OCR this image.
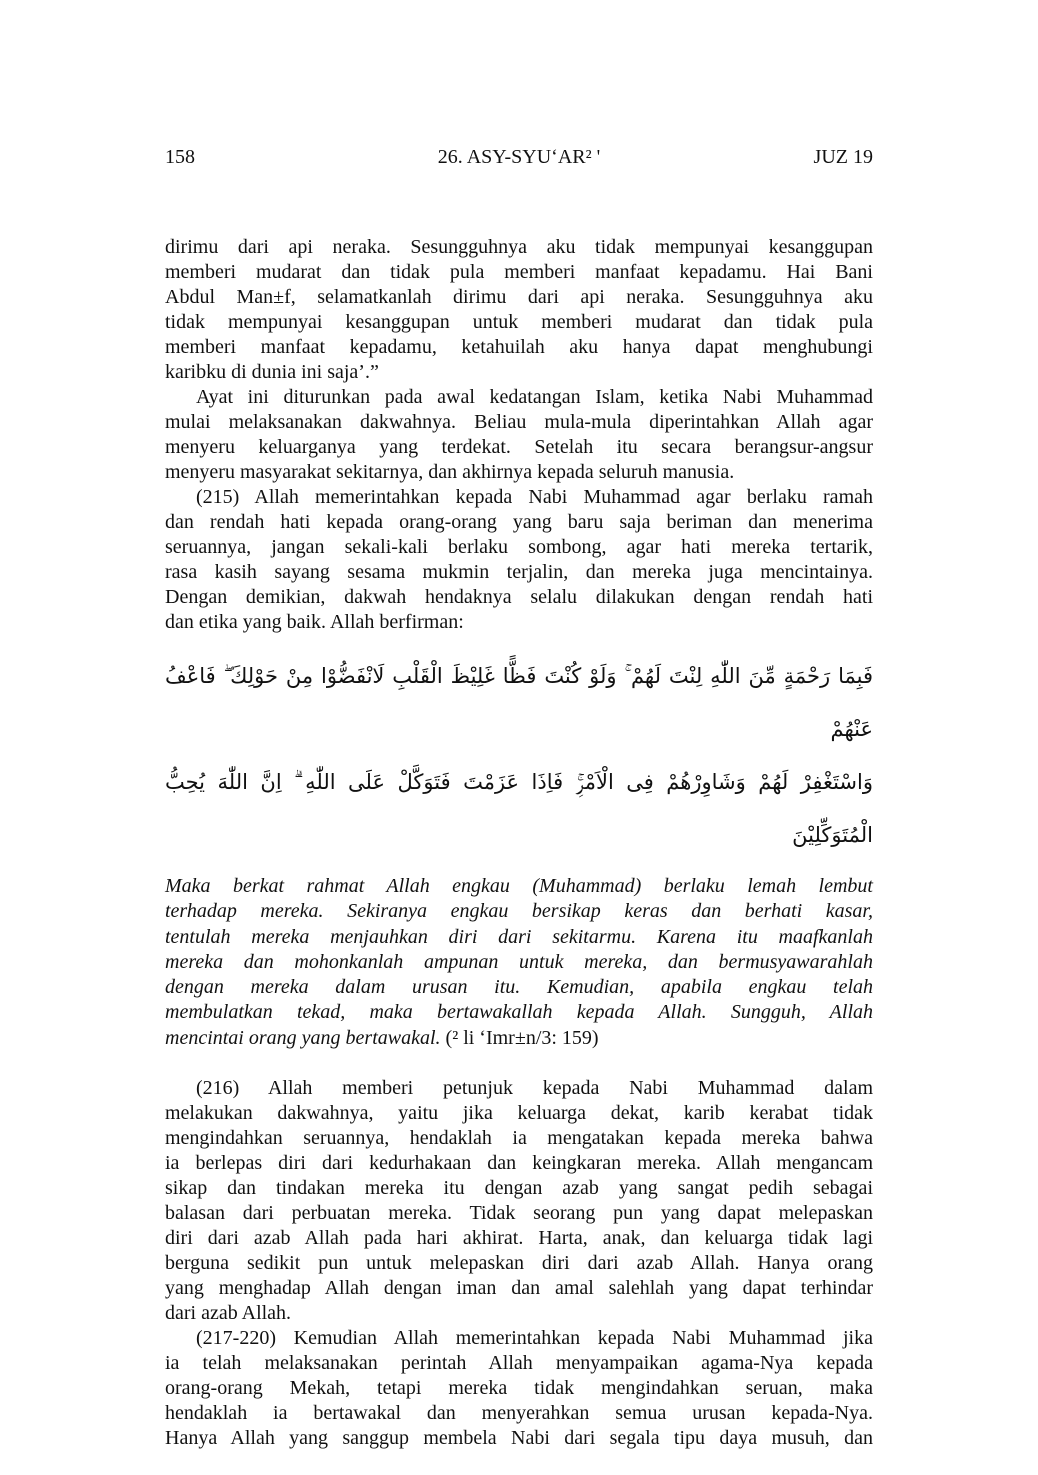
158	26. ASY-SYU‘AR² '	JUZ 19
dirimu dari api neraka. Sesungguhnya aku tidak mempunyai kesanggupan
memberi mudarat dan tidak pula memberi manfaat kepadamu. Hai Bani
Abdul Man±f, selamatkanlah dirimu dari api neraka. Sesungguhnya aku
tidak mempunyai kesanggupan untuk memberi mudarat dan tidak pula
memberi manfaat kepadamu, ketahuilah aku hanya dapat menghubungi
karibku di dunia ini saja’.”
Ayat ini diturunkan pada awal kedatangan Islam, ketika Nabi Muhammad
mulai melaksanakan dakwahnya. Beliau mula-mula diperintahkan Allah agar
menyeru keluarganya yang terdekat. Setelah itu secara berangsur-angsur
menyeru masyarakat sekitarnya, dan akhirnya kepada seluruh manusia.
(215) Allah memerintahkan kepada Nabi Muhammad agar berlaku ramah
dan rendah hati kepada orang-orang yang baru saja beriman dan menerima
seruannya, jangan sekali-kali berlaku sombong, agar hati mereka tertarik,
rasa kasih sayang sesama mukmin terjalin, dan mereka juga mencintainya.
Dengan demikian, dakwah hendaknya selalu dilakukan dengan rendah hati
dan etika yang baik. Allah berfirman:
فَبِمَا رَحْمَةٍ مِّنَ اللّٰهِ لِنْتَ لَهُمْ ۚ وَلَوْ كُنْتَ فَظًّا غَلِيْظَ الْقَلْبِ لَانْفَضُّوْا مِنْ حَوْلِكَ ۖ فَاعْفُ عَنْهُمْ
وَاسْتَغْفِرْ لَهُمْ وَشَاوِرْهُمْ فِى الْاَمْرِۚ فَاِذَا عَزَمْتَ فَتَوَكَّلْ عَلَى اللّٰهِ ۗ اِنَّ اللّٰهَ يُحِبُّ الْمُتَوَكِّلِيْنَ
Maka berkat rahmat Allah engkau (Muhammad) berlaku lemah lembut
terhadap mereka. Sekiranya engkau bersikap keras dan berhati kasar,
tentulah mereka menjauhkan diri dari sekitarmu. Karena itu maafkanlah
mereka dan mohonkanlah ampunan untuk mereka, dan bermusyawarahlah
dengan mereka dalam urusan itu. Kemudian, apabila engkau telah
membulatkan tekad, maka bertawakallah kepada Allah. Sungguh, Allah
mencintai orang yang bertawakal. (² li ‘Imr±n/3: 159)
(216) Allah memberi petunjuk kepada Nabi Muhammad dalam
melakukan dakwahnya, yaitu jika keluarga dekat, karib kerabat tidak
mengindahkan seruannya, hendaklah ia mengatakan kepada mereka bahwa
ia berlepas diri dari kedurhakaan dan keingkaran mereka. Allah mengancam
sikap dan tindakan mereka itu dengan azab yang sangat pedih sebagai
balasan dari perbuatan mereka. Tidak seorang pun yang dapat melepaskan
diri dari azab Allah pada hari akhirat. Harta, anak, dan keluarga tidak lagi
berguna sedikit pun untuk melepaskan diri dari azab Allah. Hanya orang
yang menghadap Allah dengan iman dan amal salehlah yang dapat terhindar
dari azab Allah.
(217-220) Kemudian Allah memerintahkan kepada Nabi Muhammad jika
ia telah melaksanakan perintah Allah menyampaikan agama-Nya kepada
orang-orang Mekah, tetapi mereka tidak mengindahkan seruan, maka
hendaklah ia bertawakal dan menyerahkan semua urusan kepada-Nya.
Hanya Allah yang sanggup membela Nabi dari segala tipu daya musuh, dan
